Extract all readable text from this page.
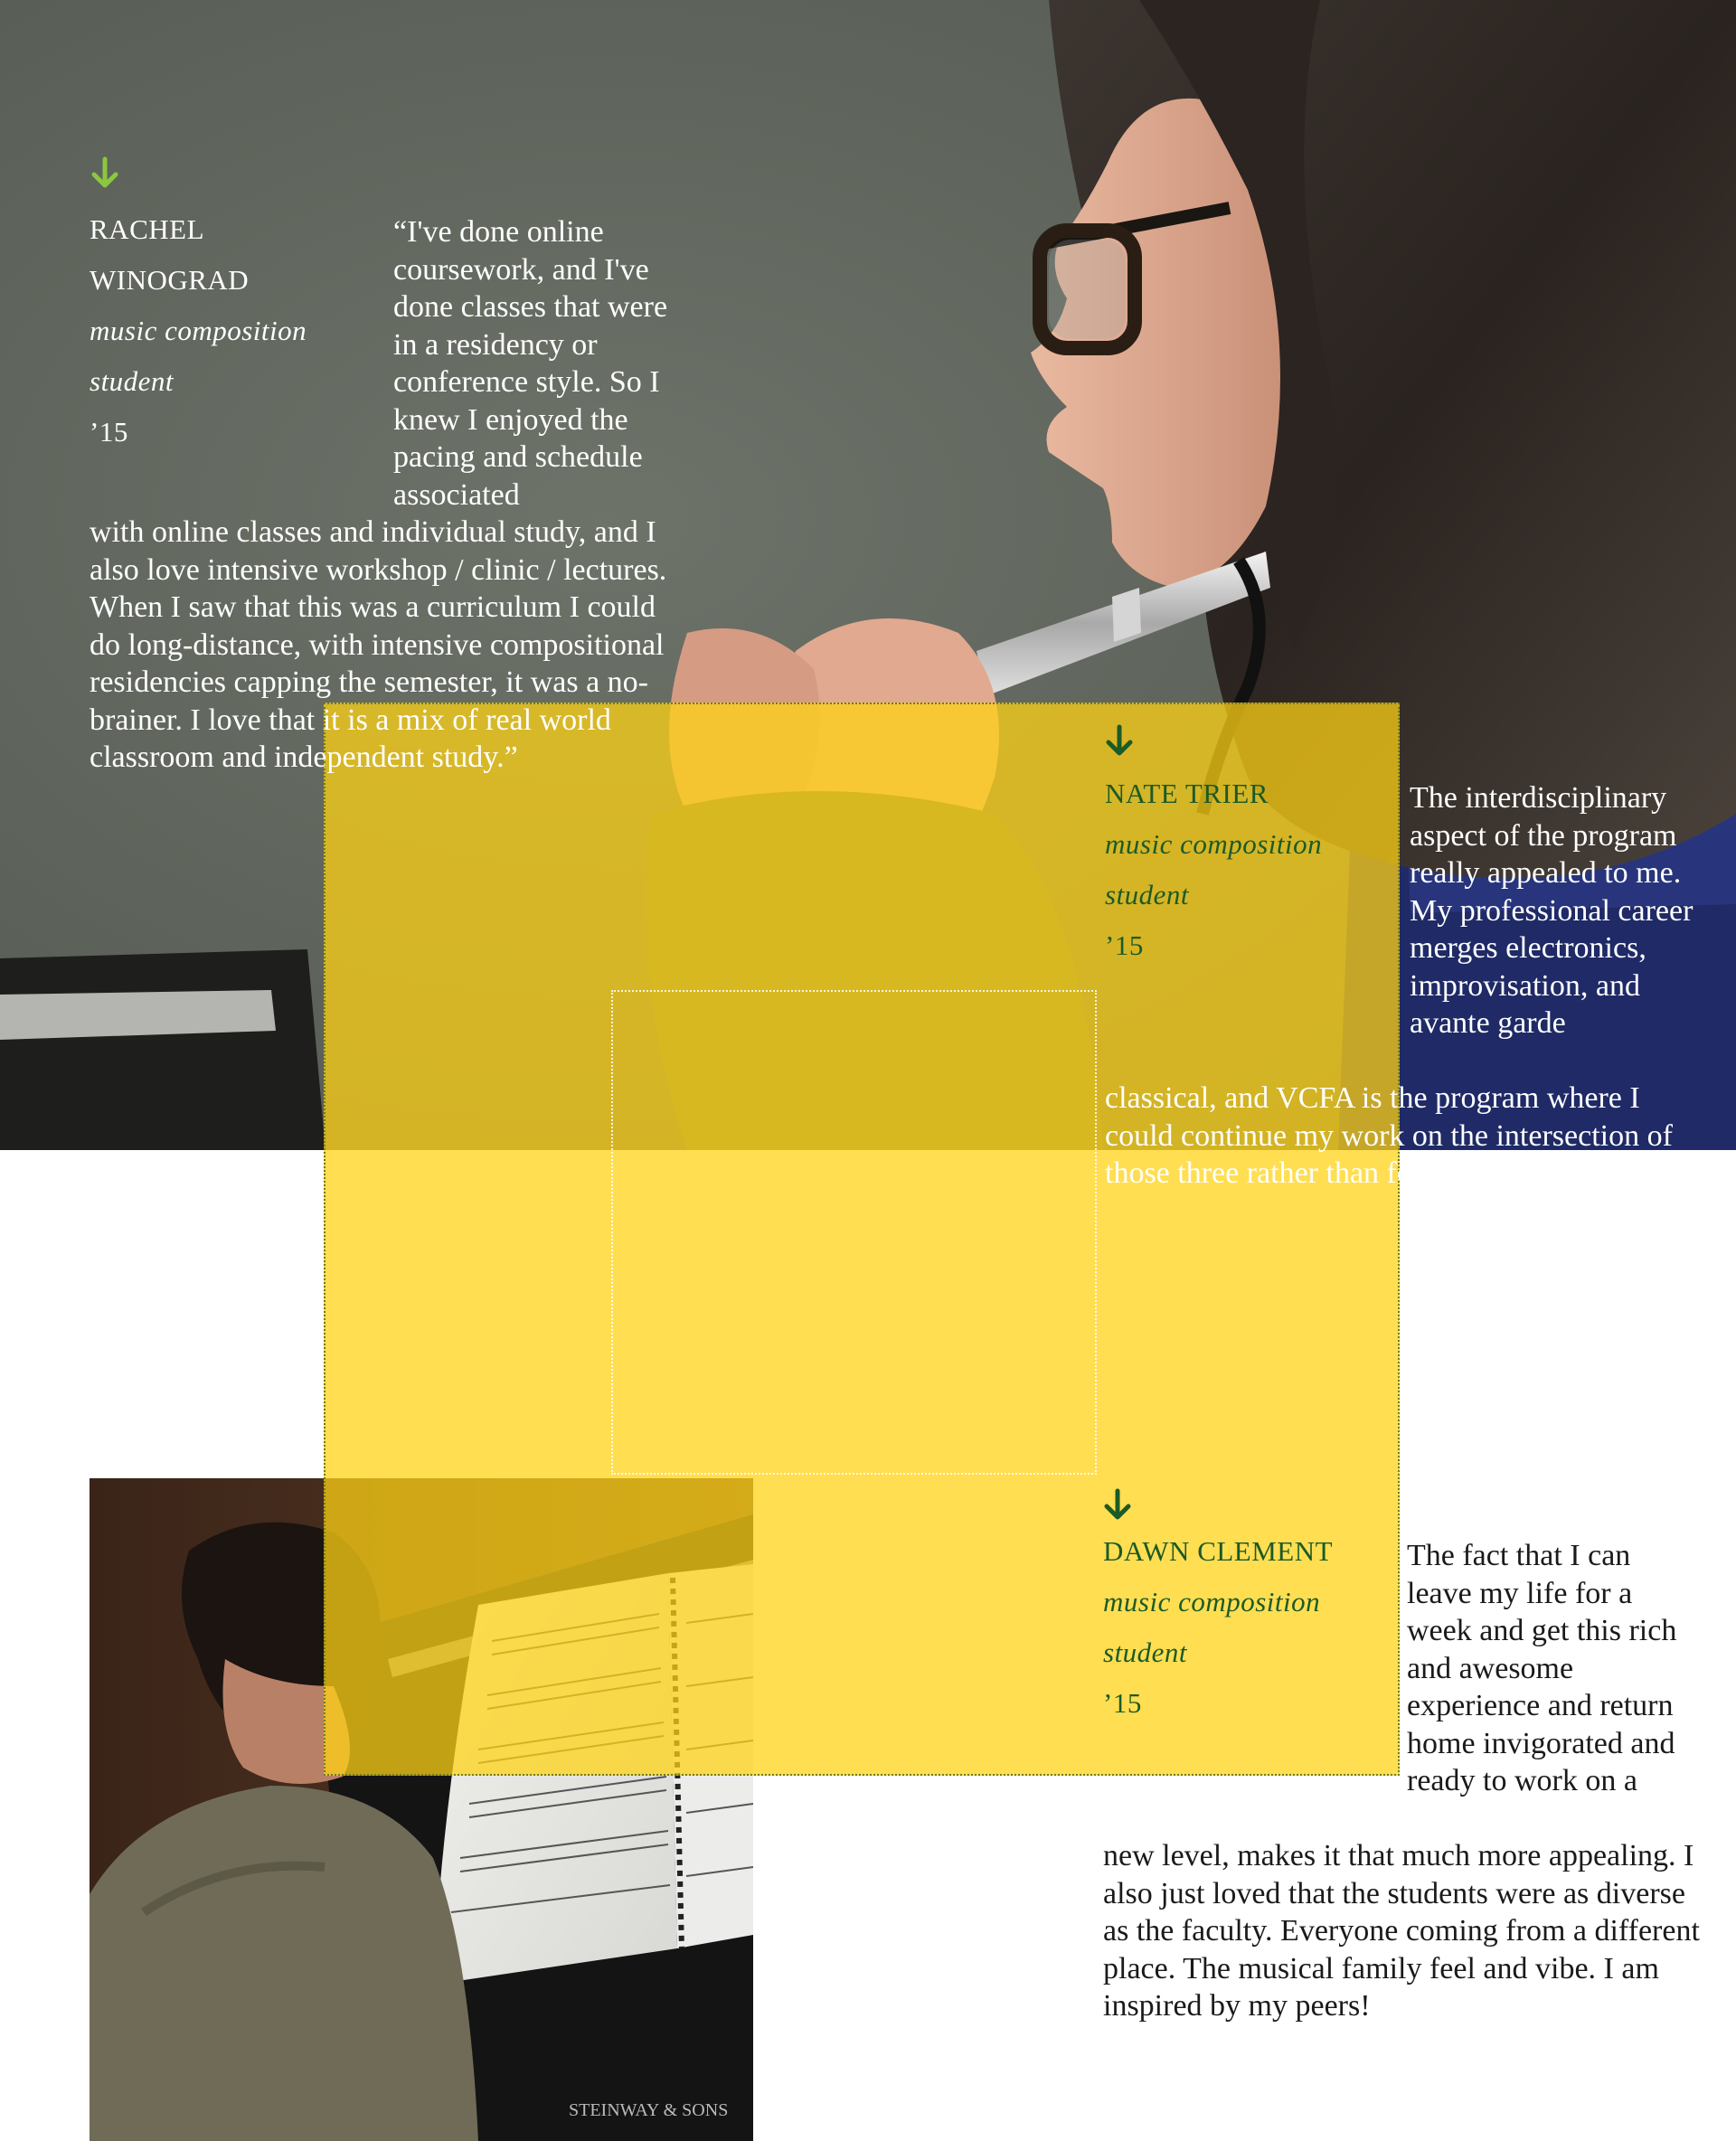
STEINWAY & SONS
RACHEL
WINOGRAD
music composition
student
’15

“I've done online coursework, and I've done classes that were in a residency or conference style. So I knew I enjoyed the pacing and schedule associated

with online classes and individual study, and I also love intensive workshop / clinic / lectures. When I saw that this was a curriculum I could do long-distance, with intensive compositional residencies capping the semester, it was a no-brainer. I love that it is a mix of real world classroom and independent study.”

NATE TRIER
music composition
student
’15

The interdisciplinary aspect of the program really appealed to me. My professional career merges electronics, improvisation, and avante garde

classical, and VCFA is the program where I could continue my work on the intersection of those three rather than focus on just one.

DAWN CLEMENT
music composition
student
’15

The fact that I can leave my life for a week and get this rich and awesome experience and return home invigorated and ready to work on a

new level, makes it that much more appealing. I also just loved that the students were as diverse as the faculty. Everyone coming from a different place. The musical family feel and vibe. I am inspired by my peers!
